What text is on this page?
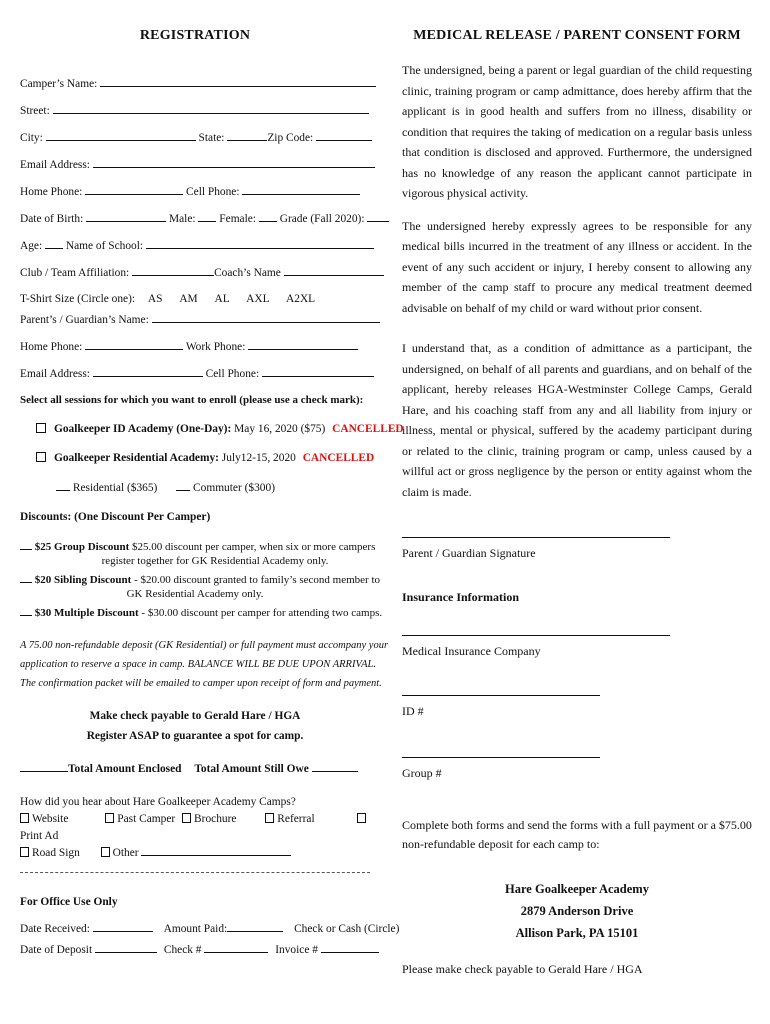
REGISTRATION
Camper’s Name:
Street:
City:	State:	Zip Code:
Email Address:
Home Phone:	Cell Phone:
Date of Birth:	Male: Female: Grade (Fall 2020):
Age: Name of School:
Club / Team Affiliation:	Coach’s Name
T-Shirt Size (Circle one): AS AM AL AXL A2XL
Parent’s / Guardian’s Name:
Home Phone:	Work Phone:
Email Address:	Cell Phone:
Select all sessions for which you want to enroll (please use a check mark):
Goalkeeper ID Academy (One-Day): May 16, 2020 ($75) CANCELLED
Goalkeeper Residential Academy: July12-15, 2020 CANCELLED
Residential ($365)	Commuter ($300)
Discounts: (One Discount Per Camper)
$25 Group Discount $25.00 discount per camper, when six or more campers
register together for GK Residential Academy only.
$20 Sibling Discount - $20.00 discount granted to family’s second member to
GK Residential Academy only.
$30 Multiple Discount - $30.00 discount per camper for attending two camps.
A 75.00 non-refundable deposit (GK Residential) or full payment must accompany your
application to reserve a space in camp. BALANCE WILL BE DUE UPON ARRIVAL.
The confirmation packet will be emailed to camper upon receipt of form and payment.
Make check payable to Gerald Hare / HGA
Register ASAP to guarantee a spot for camp.
Total Amount Enclosed Total Amount Still Owe
How did you hear about Hare Goalkeeper Academy Camps?
Website	Past Camper Brochure	Referral Print Ad
Road Sign	Other
For Office Use Only
Date Received:	Amount Paid:	Check or Cash (Circle)
Date of Deposit	Check #	Invoice #
MEDICAL RELEASE / PARENT CONSENT FORM
The undersigned, being a parent or legal guardian of the child requesting clinic, training program or camp admittance, does hereby affirm that the applicant is in good health and suffers from no illness, disability or condition that requires the taking of medication on a regular basis unless that condition is disclosed and approved. Furthermore, the undersigned has no knowledge of any reason the applicant cannot participate in vigorous physical activity.
The undersigned hereby expressly agrees to be responsible for any medical bills incurred in the treatment of any illness or accident. In the event of any such accident or injury, I hereby consent to allowing any member of the camp staff to procure any medical treatment deemed advisable on behalf of my child or ward without prior consent.
I understand that, as a condition of admittance as a participant, the undersigned, on behalf of all parents and guardians, and on behalf of the applicant, hereby releases HGA-Westminster College Camps, Gerald Hare, and his coaching staff from any and all liability from injury or illness, mental or physical, suffered by the academy participant during or related to the clinic, training program or camp, unless caused by a willful act or gross negligence by the person or entity against whom the claim is made.
Parent / Guardian Signature
Insurance Information
Medical Insurance Company
ID #
Group #
Complete both forms and send the forms with a full payment or a $75.00 non-refundable deposit for each camp to:
Hare Goalkeeper Academy
2879 Anderson Drive
Allison Park, PA 15101
Please make check payable to Gerald Hare / HGA
